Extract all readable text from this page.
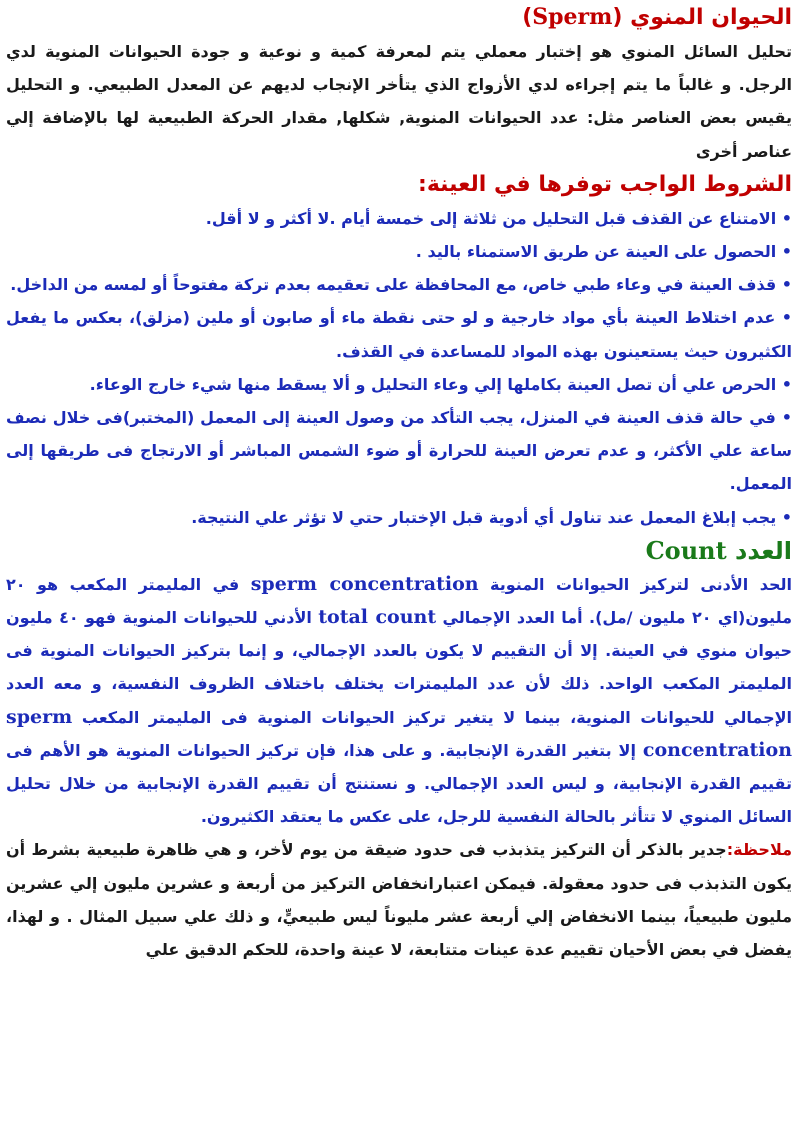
الحيوان المنوي (Sperm)

تحليل السائل المنوي هو إختبار معملي يتم لمعرفة كمية و نوعية و جودة الحيوانات المنوية لدي الرجل. و غالباً ما يتم إجراءه لدي الأزواج الذي يتأخر الإنجاب لديهم عن المعدل الطبيعي. و التحليل يقيس بعض العناصر مثل: عدد الحيوانات المنوية, شكلها, مقدار الحركة الطبيعية لها بالإضافة إلي عناصر أخرى

الشروط الواجب توفرها في العينة:
• الامتناع عن القذف قبل التحليل من ثلاثة إلى خمسة أيام .لا أكثر و لا أقل.
• الحصول على العينة عن طريق الاستمناء باليد .
• قذف العينة في وعاء طبي خاص، مع المحافظة على تعقيمه بعدم تركة مفتوحاً أو لمسه من الداخل.
• عدم اختلاط العينة بأي مواد خارجية و لو حتى نقطة ماء أو صابون أو ملين (مزلق)، بعكس ما يفعل الكثيرون حيث يستعينون بهذه المواد للمساعدة في القذف.
• الحرص علي أن تصل العينة بكاملها إلي وعاء التحليل و ألا يسقط منها شيء خارج الوعاء.
• في حالة قذف العينة في المنزل، يجب التأكد من وصول العينة إلى المعمل (المختبر)فى خلال نصف ساعة علي الأكثر، و عدم تعرض العينة للحرارة أو ضوء الشمس المباشر أو الارتجاج فى طريقها إلى المعمل.
• يجب إبلاغ المعمل عند تناول أي أدوية قبل الإختبار حتي لا تؤثر علي النتيجة.
العدد Count

الحد الأدنى لتركيز الحيوانات المنوية sperm concentration في المليمتر المكعب هو ٢٠ مليون(اي ٢٠ مليون /مل). أما العدد الإجمالي total count الأدني للحيوانات المنوية فهو ٤٠ مليون حيوان منوي في العينة. إلا أن التقييم لا يكون بالعدد الإجمالي، و إنما بتركيز الحيوانات المنوية فى المليمتر المكعب الواحد. ذلك لأن عدد المليمترات يختلف باختلاف الظروف النفسية، و معه العدد الإجمالي للحيوانات المنوية، بينما لا يتغير تركيز الحيوانات المنوية فى المليمتر المكعب sperm concentration إلا بتغير القدرة الإنجابية. و على هذا، فإن تركيز الحيوانات المنوية هو الأهم فى تقييم القدرة الإنجابية، و ليس العدد الإجمالي. و نستنتج أن تقييم القدرة الإنجابية من خلال تحليل السائل المنوي لا تتأثر بالحالة النفسية للرجل، على عكس ما يعتقد الكثيرون.

ملاحظة:جدير بالذكر أن التركيز يتذبذب فى حدود ضيقة من يوم لأخر، و هي ظاهرة طبيعية بشرط أن يكون التذبذب فى حدود معقولة. فيمكن اعتبارانخفاض التركيز من أربعة و عشرين مليون إلي عشرين مليون طبيعياً، بينما الانخفاض إلي أربعة عشر مليوناً ليس طبيعيٍّ، و ذلك علي سبيل المثال . و لهذا، يفضل في بعض الأحيان تقييم عدة عينات متتابعة، لا عينة واحدة، للحكم الدقيق علي
